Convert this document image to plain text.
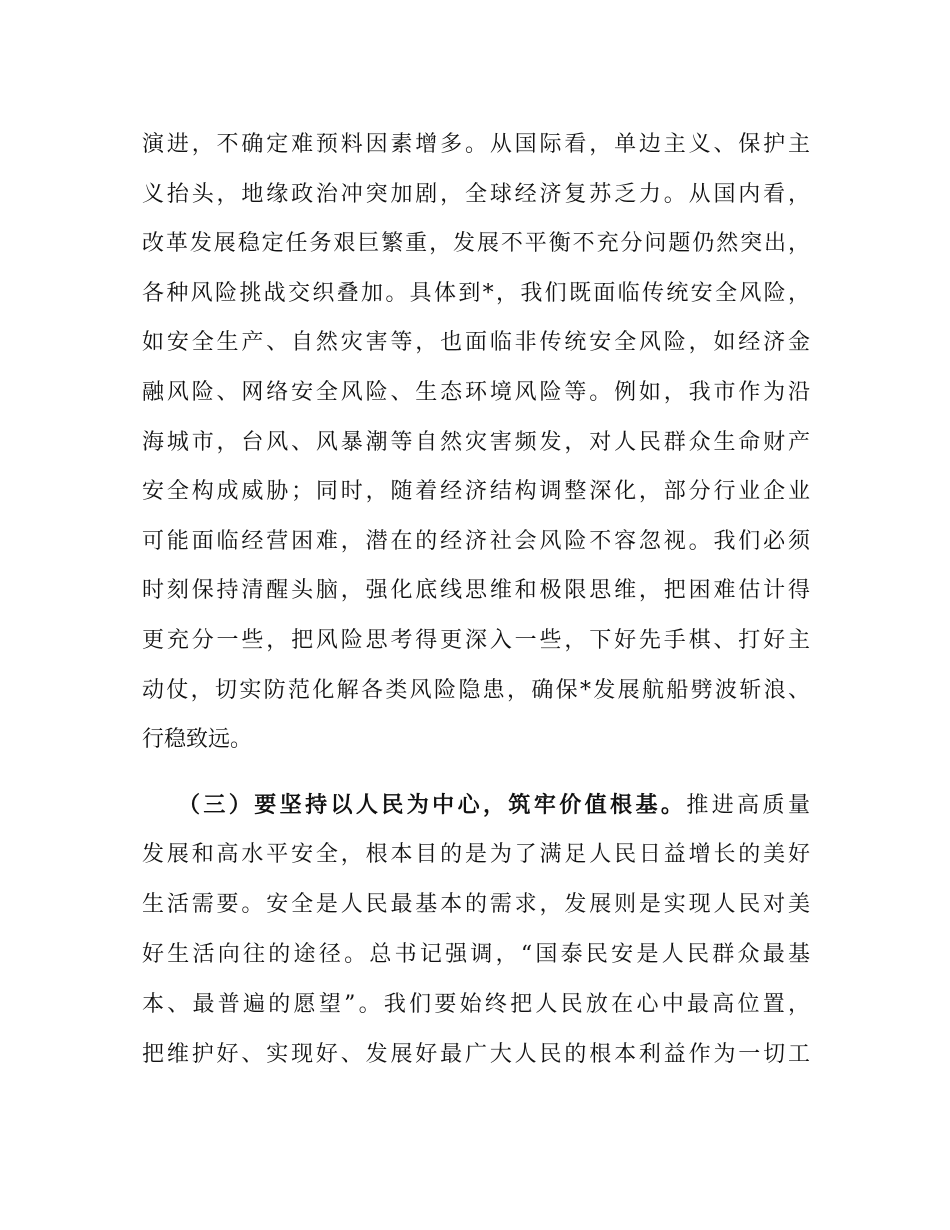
演进，不确定难预料因素增多。从国际看，单边主义、保护主
义抬头，地缘政治冲突加剧，全球经济复苏乏力。从国内看，
改革发展稳定任务艰巨繁重，发展不平衡不充分问题仍然突出，
各种风险挑战交织叠加。具体到*，我们既面临传统安全风险，
如安全生产、自然灾害等，也面临非传统安全风险，如经济金
融风险、网络安全风险、生态环境风险等。例如，我市作为沿
海城市，台风、风暴潮等自然灾害频发，对人民群众生命财产
安全构成威胁；同时，随着经济结构调整深化，部分行业企业
可能面临经营困难，潜在的经济社会风险不容忽视。我们必须
时刻保持清醒头脑，强化底线思维和极限思维，把困难估计得
更充分一些，把风险思考得更深入一些，下好先手棋、打好主
动仗，切实防范化解各类风险隐患，确保*发展航船劈波斩浪、
行稳致远。
（三）要坚持以人民为中心，筑牢价值根基。推进高质量
发展和高水平安全，根本目的是为了满足人民日益增长的美好
生活需要。安全是人民最基本的需求，发展则是实现人民对美
好生活向往的途径。总书记强调，“国泰民安是人民群众最基
本、最普遍的愿望”。我们要始终把人民放在心中最高位置，
把维护好、实现好、发展好最广大人民的根本利益作为一切工
